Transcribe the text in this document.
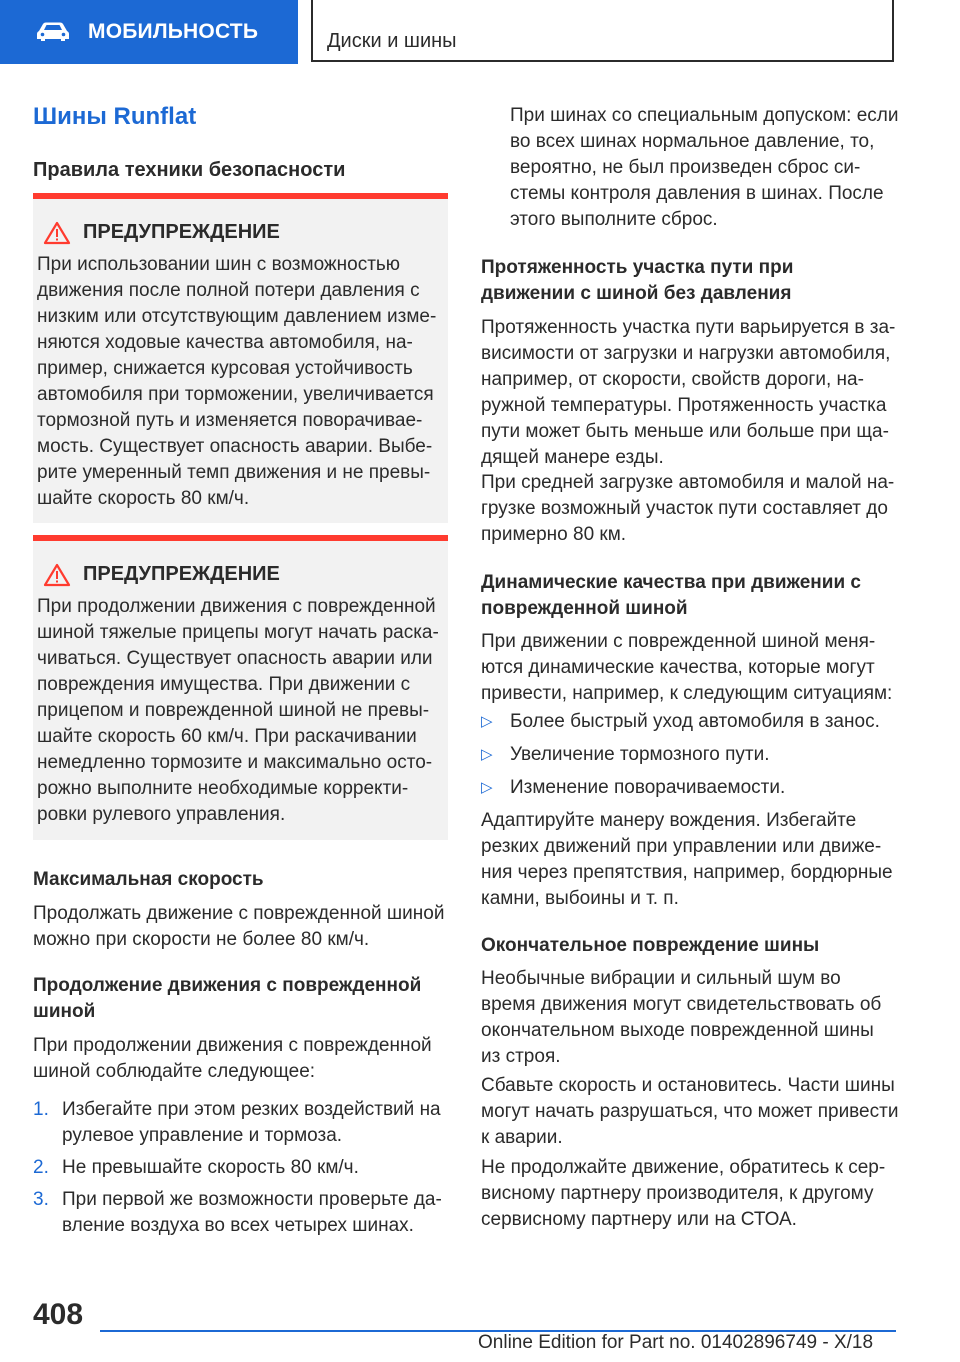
МОБИЛЬНОСТЬ	Диски и шины
Шины Runflat
Правила техники безопасности
ПРЕДУПРЕЖДЕНИЕ
При использовании шин с возможностью
движения после полной потери давления с
низким или отсутствующим давлением изме-
няются ходовые качества автомобиля, на-
пример, снижается курсовая устойчивость
автомобиля при торможении, увеличивается
тормозной путь и изменяется поворачивае-
мость. Существует опасность аварии. Выбе-
рите умеренный темп движения и не превы-
шайте скорость 80 км/ч.
ПРЕДУПРЕЖДЕНИЕ
При продолжении движения с поврежденной
шиной тяжелые прицепы могут начать раска-
чиваться. Существует опасность аварии или
повреждения имущества. При движении с
прицепом и поврежденной шиной не превы-
шайте скорость 60 км/ч. При раскачивании
немедленно тормозите и максимально осто-
рожно выполните необходимые корректи-
ровки рулевого управления.
Максимальная скорость
Продолжать движение с поврежденной шиной
можно при скорости не более 80 км/ч.
Продолжение движения с поврежденной
шиной
При продолжении движения с поврежденной
шиной соблюдайте следующее:
1. Избегайте при этом резких воздействий на
рулевое управление и тормоза.
2. Не превышайте скорость 80 км/ч.
3. При первой же возможности проверьте да-
вление воздуха во всех четырех шинах.
При шинах со специальным допуском: если
во всех шинах нормальное давление, то,
вероятно, не был произведен сброс си-
стемы контроля давления в шинах. После
этого выполните сброс.
Протяженность участка пути при
движении с шиной без давления
Протяженность участка пути варьируется в за-
висимости от загрузки и нагрузки автомобиля,
например, от скорости, свойств дороги, на-
ружной температуры. Протяженность участка
пути может быть меньше или больше при ща-
дящей манере езды.
При средней загрузке автомобиля и малой на-
грузке возможный участок пути составляет до
примерно 80 км.
Динамические качества при движении с
поврежденной шиной
При движении с поврежденной шиной меня-
ются динамические качества, которые могут
привести, например, к следующим ситуациям:
▷ Более быстрый уход автомобиля в занос.
▷ Увеличение тормозного пути.
▷ Изменение поворачиваемости.
Адаптируйте манеру вождения. Избегайте
резких движений при управлении или движе-
ния через препятствия, например, бордюрные
камни, выбоины и т. п.
Окончательное повреждение шины
Необычные вибрации и сильный шум во
время движения могут свидетельствовать об
окончательном выходе поврежденной шины
из строя.
Сбавьте скорость и остановитесь. Части шины
могут начать разрушаться, что может привести
к аварии.
Не продолжайте движение, обратитесь к сер-
висному партнеру производителя, к другому
сервисному партнеру или на СТОА.
408
Online Edition for Part no. 01402896749 - X/18
